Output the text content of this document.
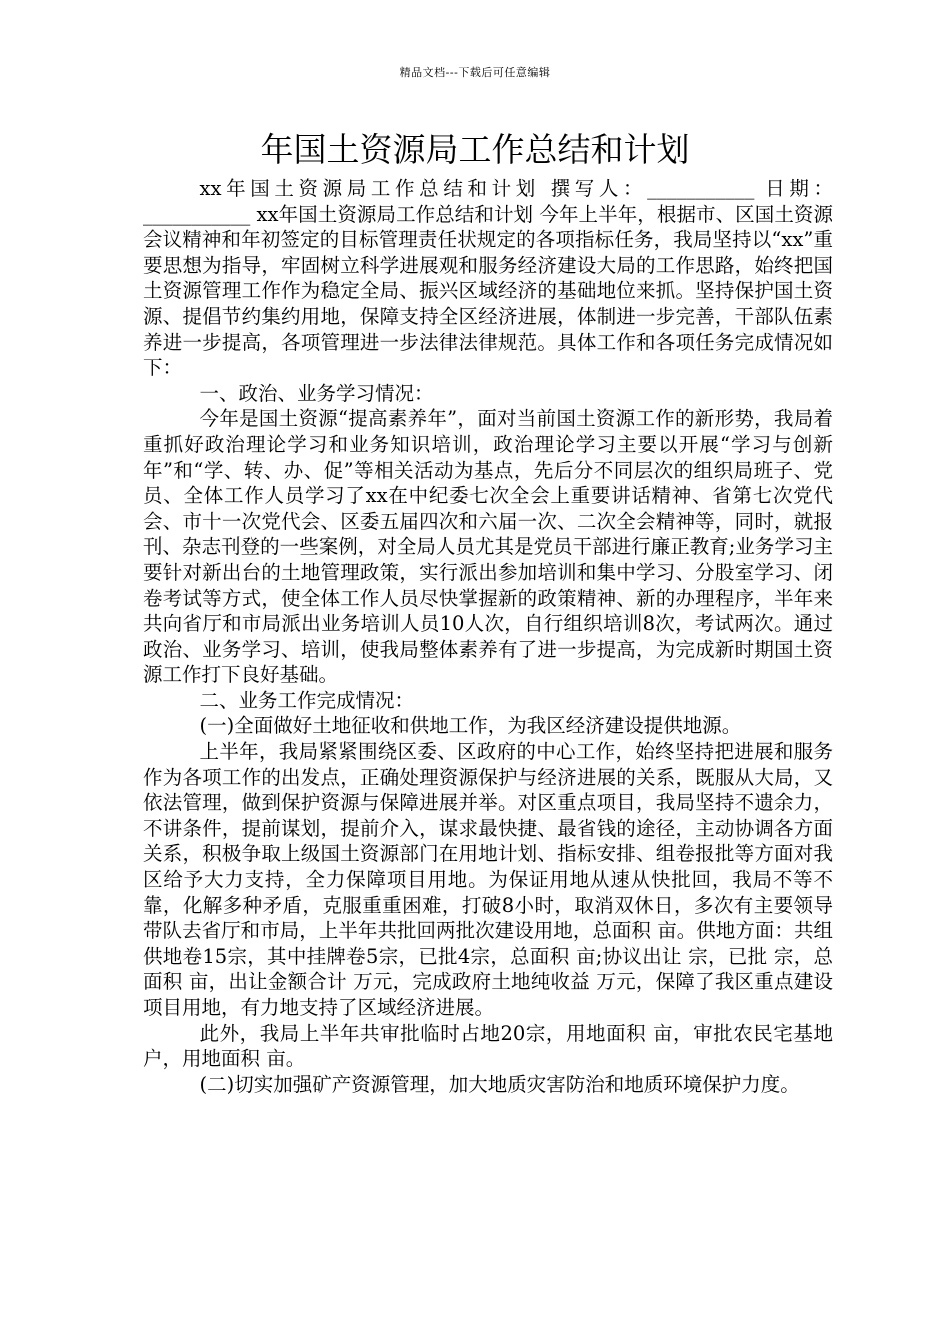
精品文档---下载后可任意编辑
年国土资源局工作总结和计划

xx年国土资源局工作总结和计划 撰写人：___________ 日期：___________ xx年国土资源局工作总结和计划 今年上半年，根据市、区国土资源会议精神和年初签定的目标管理责任状规定的各项指标任务，我局坚持以“xx”重要思想为指导，牢固树立科学进展观和服务经济建设大局的工作思路，始终把国土资源管理工作作为稳定全局、振兴区域经济的基础地位来抓。坚持保护国土资源、提倡节约集约用地，保障支持全区经济进展，体制进一步完善，干部队伍素养进一步提高，各项管理进一步法律法律规范。具体工作和各项任务完成情况如下：

一、政治、业务学习情况：

今年是国土资源“提高素养年”，面对当前国土资源工作的新形势，我局着重抓好政治理论学习和业务知识培训，政治理论学习主要以开展“学习与创新年”和“学、转、办、促”等相关活动为基点，先后分不同层次的组织局班子、党员、全体工作人员学习了xx在中纪委七次全会上重要讲话精神、省第七次党代会、市十一次党代会、区委五届四次和六届一次、二次全会精神等，同时，就报刊、杂志刊登的一些案例，对全局人员尤其是党员干部进行廉正教育;业务学习主要针对新出台的土地管理政策，实行派出参加培训和集中学习、分股室学习、闭卷考试等方式，使全体工作人员尽快掌握新的政策精神、新的办理程序，半年来共向省厅和市局派出业务培训人员10人次，自行组织培训8次，考试两次。通过政治、业务学习、培训，使我局整体素养有了进一步提高，为完成新时期国土资源工作打下良好基础。

二、业务工作完成情况：

(一)全面做好土地征收和供地工作，为我区经济建设提供地源。

上半年，我局紧紧围绕区委、区政府的中心工作，始终坚持把进展和服务作为各项工作的出发点，正确处理资源保护与经济进展的关系，既服从大局，又依法管理，做到保护资源与保障进展并举。对区重点项目，我局坚持不遗余力，不讲条件，提前谋划，提前介入，谋求最快捷、最省钱的途径，主动协调各方面关系，积极争取上级国土资源部门在用地计划、指标安排、组卷报批等方面对我区给予大力支持，全力保障项目用地。为保证用地从速从快批回，我局不等不靠，化解多种矛盾，克服重重困难，打破8小时，取消双休日，多次有主要领导带队去省厅和市局，上半年共批回两批次建设用地，总面积 亩。供地方面：共组供地卷15宗，其中挂牌卷5宗，已批4宗，总面积 亩;协议出让 宗，已批 宗，总面积 亩，出让金额合计 万元，完成政府土地纯收益 万元，保障了我区重点建设项目用地，有力地支持了区域经济进展。

此外，我局上半年共审批临时占地20宗，用地面积 亩，审批农民宅基地 户，用地面积 亩。

(二)切实加强矿产资源管理，加大地质灾害防治和地质环境保护力度。
